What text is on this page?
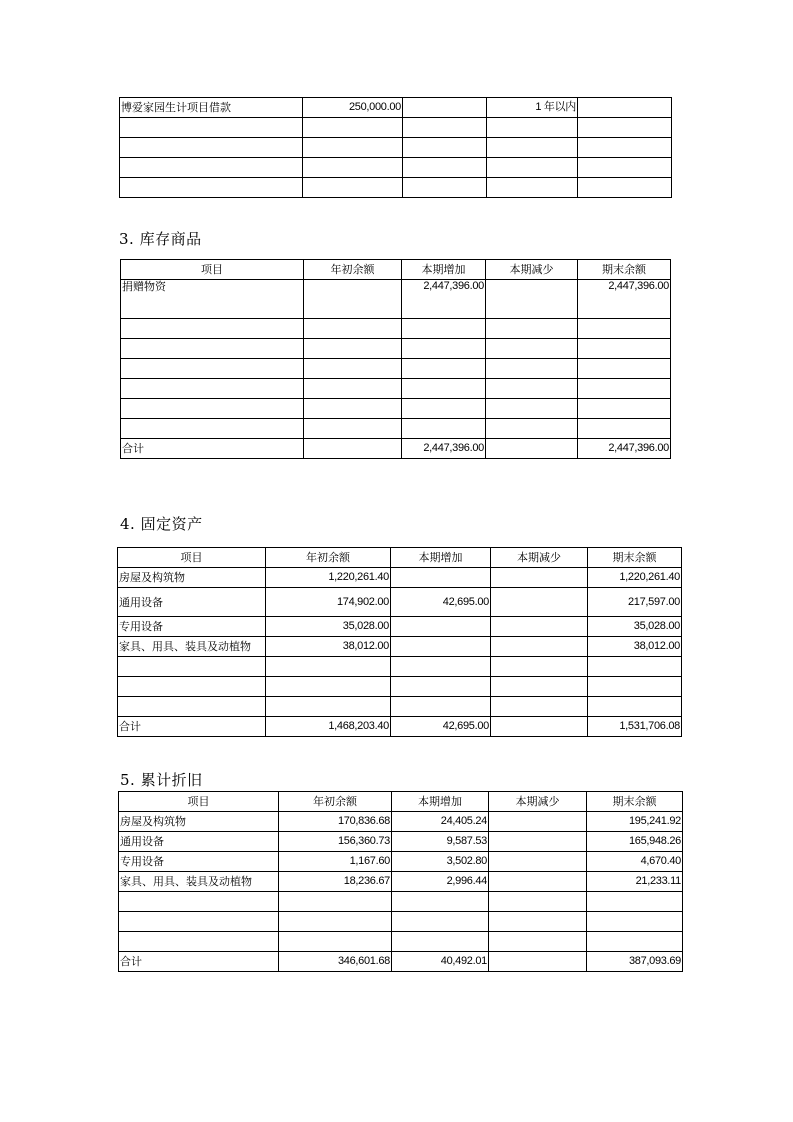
博爱家园生计项目借款	250,000.00		1 年以内	

3. 库存商品
项目	年初余额	本期增加	本期减少	期末余额
捐赠物资		2,447,396.00		2,447,396.00

合计		2,447,396.00		2,447,396.00
4. 固定资产
项目	年初余额	本期增加	本期减少	期末余额
房屋及构筑物	1,220,261.40			1,220,261.40
通用设备	174,902.00	42,695.00		217,597.00
专用设备	35,028.00			35,028.00
家具、用具、装具及动植物	38,012.00			38,012.00

合计	1,468,203.40	42,695.00		1,531,706.08
5. 累计折旧
项目	年初余额	本期增加	本期减少	期末余额
房屋及构筑物	170,836.68	24,405.24		195,241.92
通用设备	156,360.73	9,587.53		165,948.26
专用设备	1,167.60	3,502.80		4,670.40
家具、用具、装具及动植物	18,236.67	2,996.44		21,233.11

合计	346,601.68	40,492.01		387,093.69
